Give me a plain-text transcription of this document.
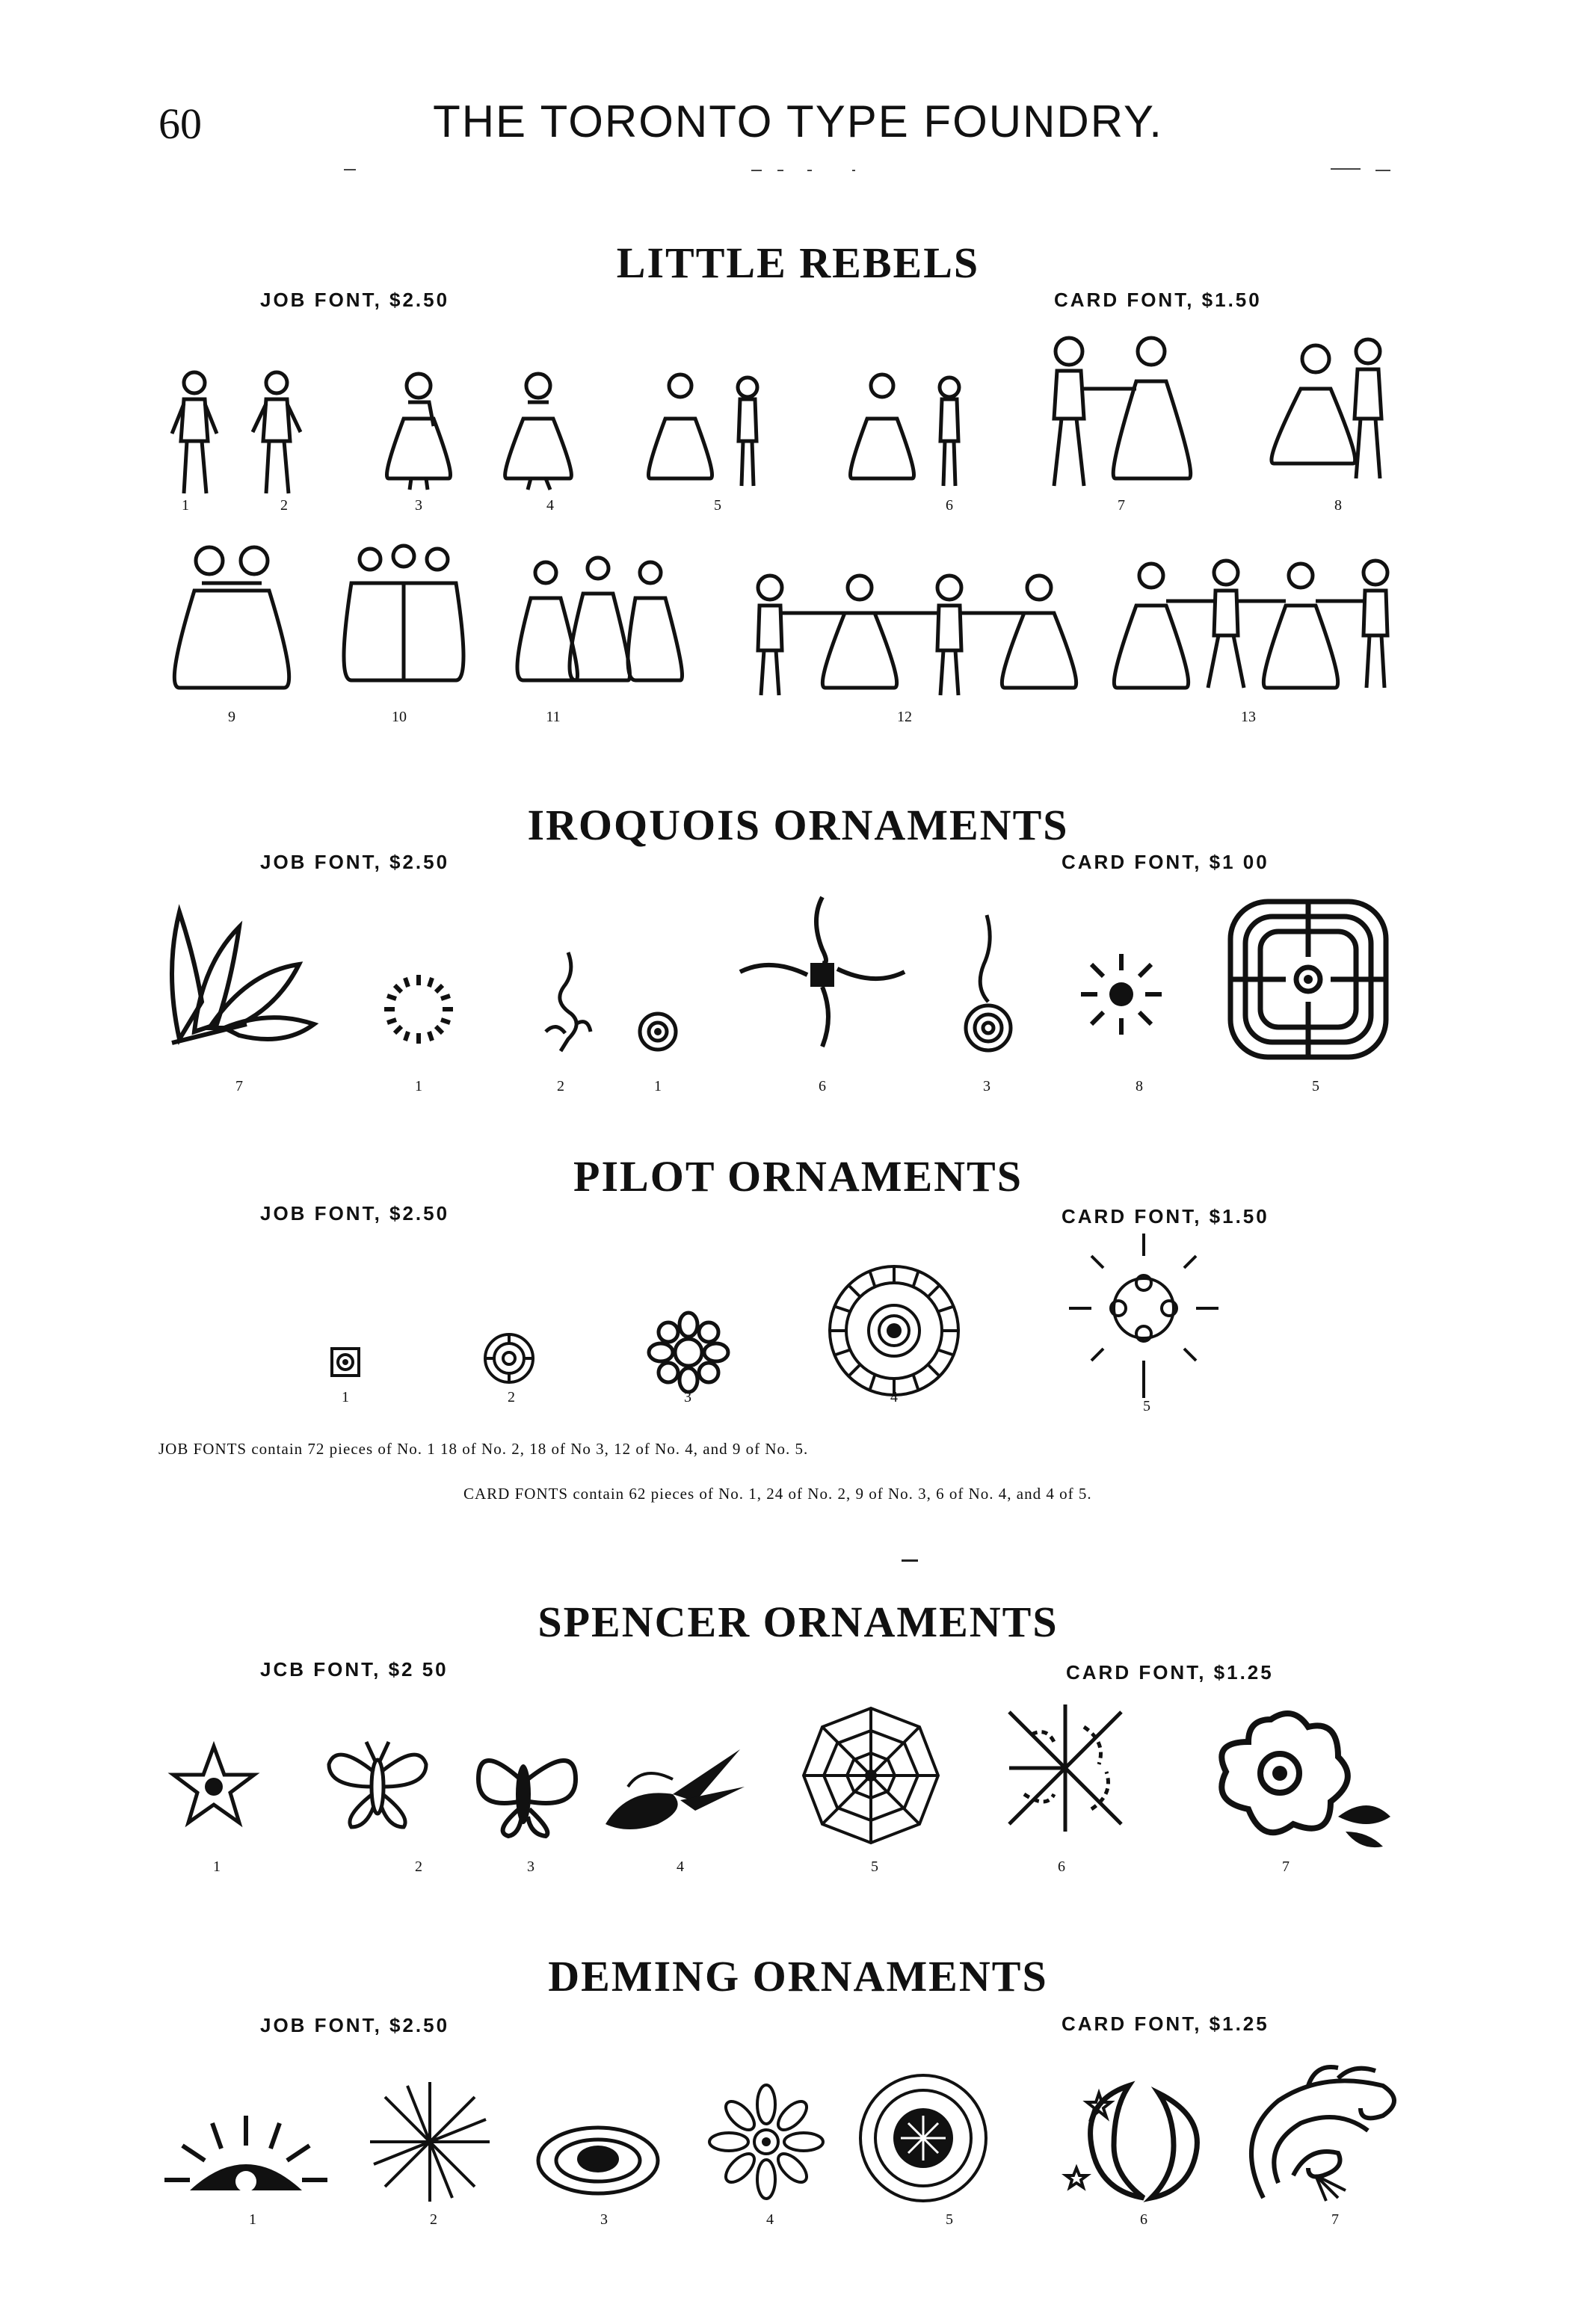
60	THE TORONTO TYPE FOUNDRY.
LITTLE REBELS
JOB FONT, $2.50	CARD FONT, $1.50
1	2	3	4	5	6	7	8
9	10	11	12	13
IROQUOIS ORNAMENTS
JOB FONT, $2.50	CARD FONT, $1 00
7	1	2	1	6	3	8	5
PILOT ORNAMENTS
JOB FONT, $2.50	CARD FONT, $1.50
1	2	3	4
5
JOB FONTS contain 72 pieces of No. 1 18 of No. 2, 18 of No 3, 12 of No. 4, and 9 of No. 5.
CARD FONTS contain 62 pieces of No. 1, 24 of No. 2, 9 of No. 3, 6 of No. 4, and 4 of 5.
SPENCER ORNAMENTS
JCB FONT, $2 50	CARD FONT, $1.25
1	2	3	4	5	6	7
DEMING ORNAMENTS
JOB FONT, $2.50	CARD FONT, $1.25
1	2	3	4	5	6	7
